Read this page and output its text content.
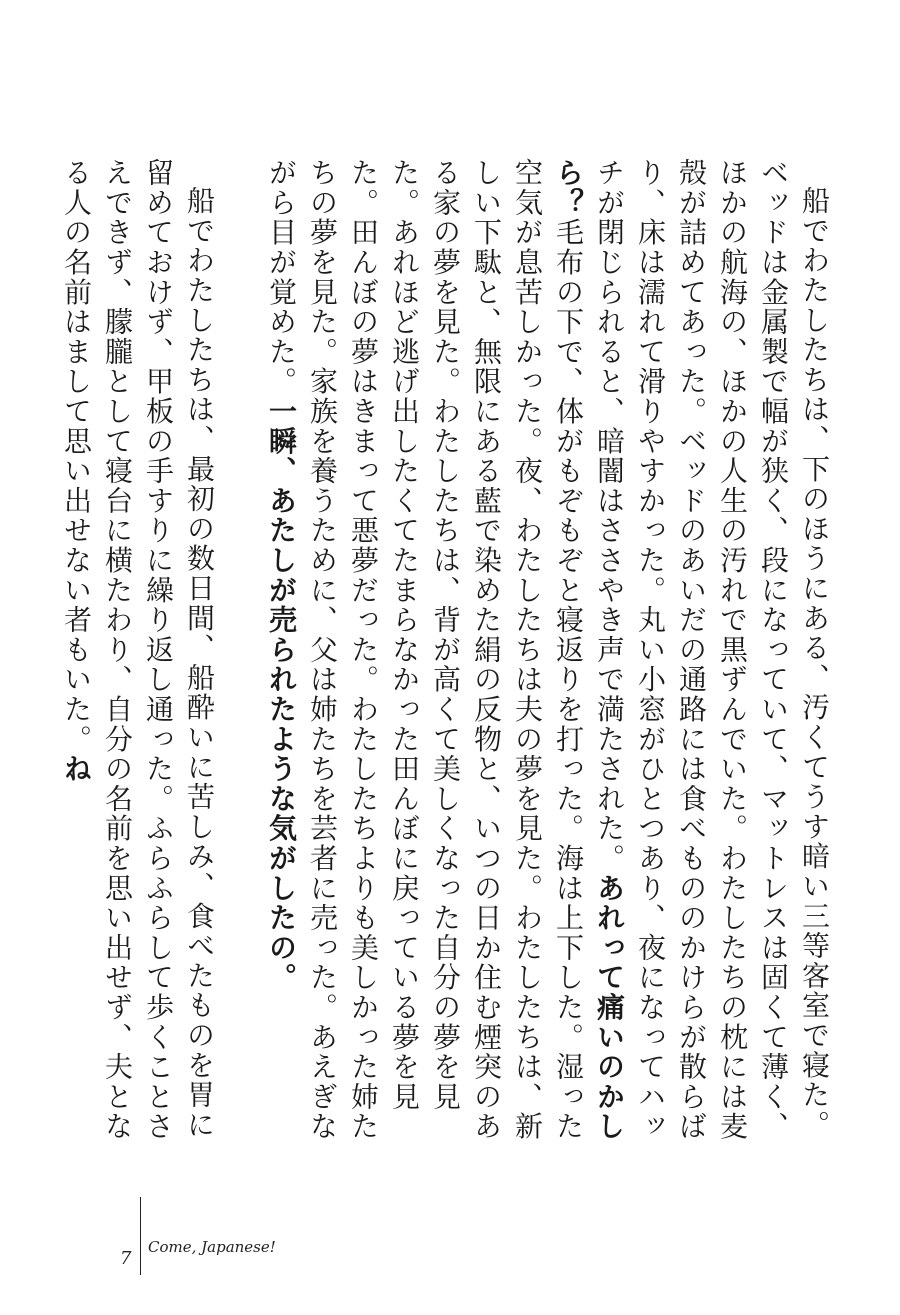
船でわたしたちは、下のほうにある、汚くてうす暗い三等客室で寝た。ベッドは金属製で幅が狭く、段になっていて、マットレスは固くて薄く、ほかの航海の、ほかの人生の汚れで黒ずんでいた。わたしたちの枕には麦殻が詰めてあった。ベッドのあいだの通路には食べもののかけらが散らばり、床は濡れて滑りやすかった。丸い小窓がひとつあり、夜になってハッチが閉じられると、暗闇はささやき声で満たされた。あれって痛いのかしら？毛布の下で、体がもぞもぞと寝返りを打った。海は上下した。湿った空気が息苦しかった。夜、わたしたちは夫の夢を見た。わたしたちは、新しい下駄と、無限にある藍で染めた絹の反物と、いつの日か住む煙突のある家の夢を見た。わたしたちは、背が高くて美しくなった自分の夢を見た。あれほど逃げ出したくてたまらなかった田んぼに戻っている夢を見た。田んぼの夢はきまって悪夢だった。わたしたちよりも美しかった姉たちの夢を見た。家族を養うために、父は姉たちを芸者に売った。あえぎながら目が覚めた。一瞬、あたしが売られたような気がしたの。

船でわたしたちは、最初の数日間、船酔いに苦しみ、食べたものを胃に留めておけず、甲板の手すりに繰り返し通った。ふらふらして歩くことさえできず、朦朧として寝台に横たわり、自分の名前を思い出せず、夫となる人の名前はまして思い出せない者もいた。ね

7
Come, Japanese!
